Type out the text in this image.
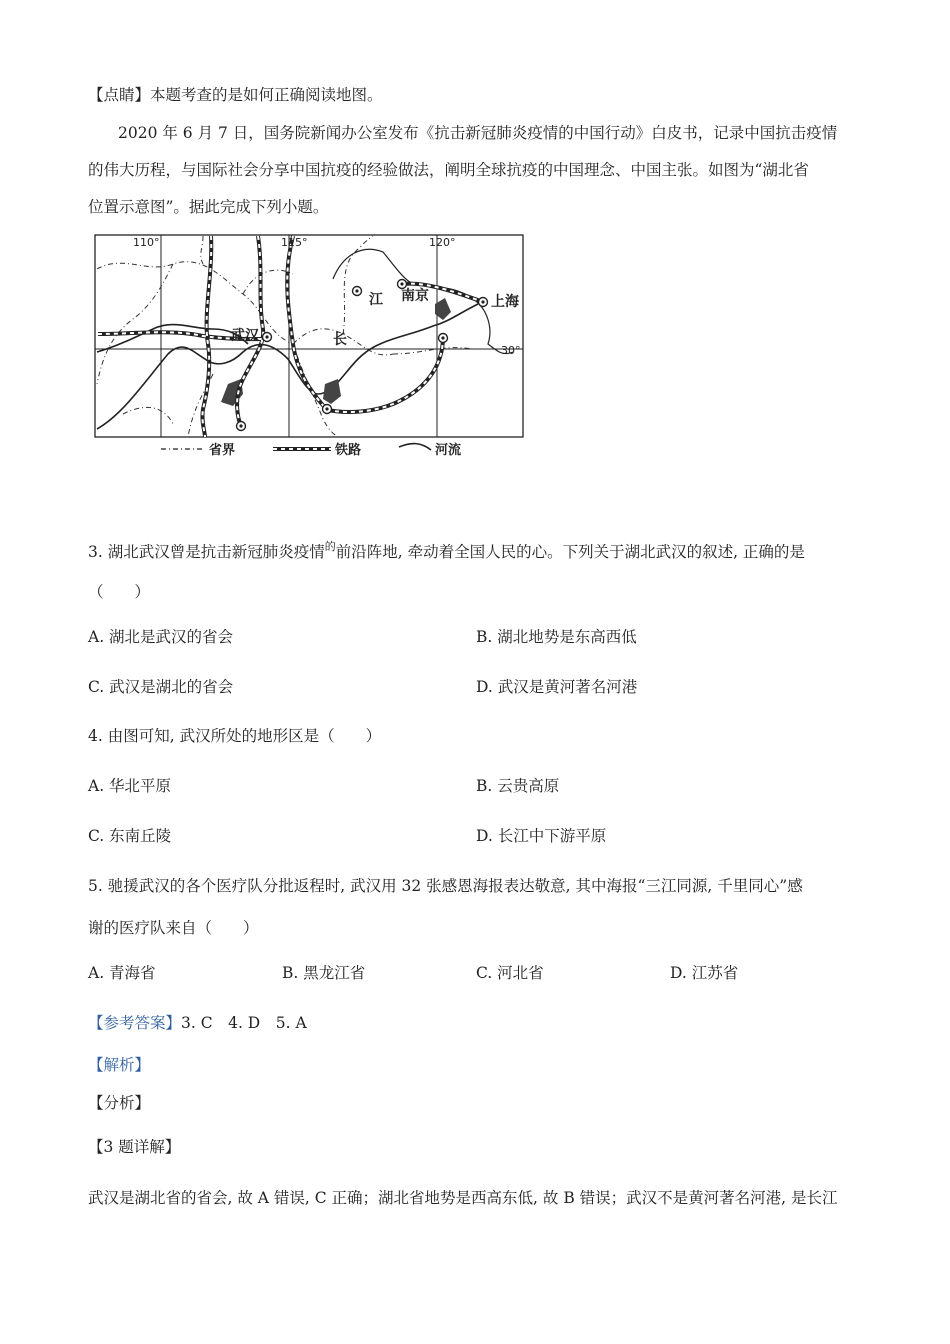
【点睛】本题考查的是如何正确阅读地图。
2020 年 6 月 7 日，国务院新闻办公室发布《抗击新冠肺炎疫情的中国行动》白皮书，记录中国抗击疫情
的伟大历程，与国际社会分享中国抗疫的经验做法，阐明全球抗疫的中国理念、中国主张。如图为“湖北省
位置示意图”。据此完成下列小题。
110°	115°	120°
30°
武汉
南京	上海
江
长
省界	铁路	河流
3. 湖北武汉曾是抗击新冠肺炎疫情$^的$前沿阵地, 牵动着全国人民的心。下列关于湖北武汉的叙述, 正确的是
（　　）
A. 湖北是武汉的省会	B. 湖北地势是东高西低
C. 武汉是湖北的省会	D. 武汉是黄河著名河港
4. 由图可知, 武汉所处的地形区是（　　）
A. 华北平原	B. 云贵高原
C. 东南丘陵	D. 长江中下游平原
5. 驰援武汉的各个医疗队分批返程时, 武汉用 32 张感恩海报表达敬意, 其中海报“三江同源, 千里同心”感
谢的医疗队来自（　　）
A. 青海省	B. 黑龙江省	C. 河北省	D. 江苏省
【参考答案】3. C　4. D　5. A
【解析】
【分析】
【3 题详解】
武汉是湖北省的省会, 故 A 错误, C 正确；湖北省地势是西高东低, 故 B 错误；武汉不是黄河著名河港, 是长江
